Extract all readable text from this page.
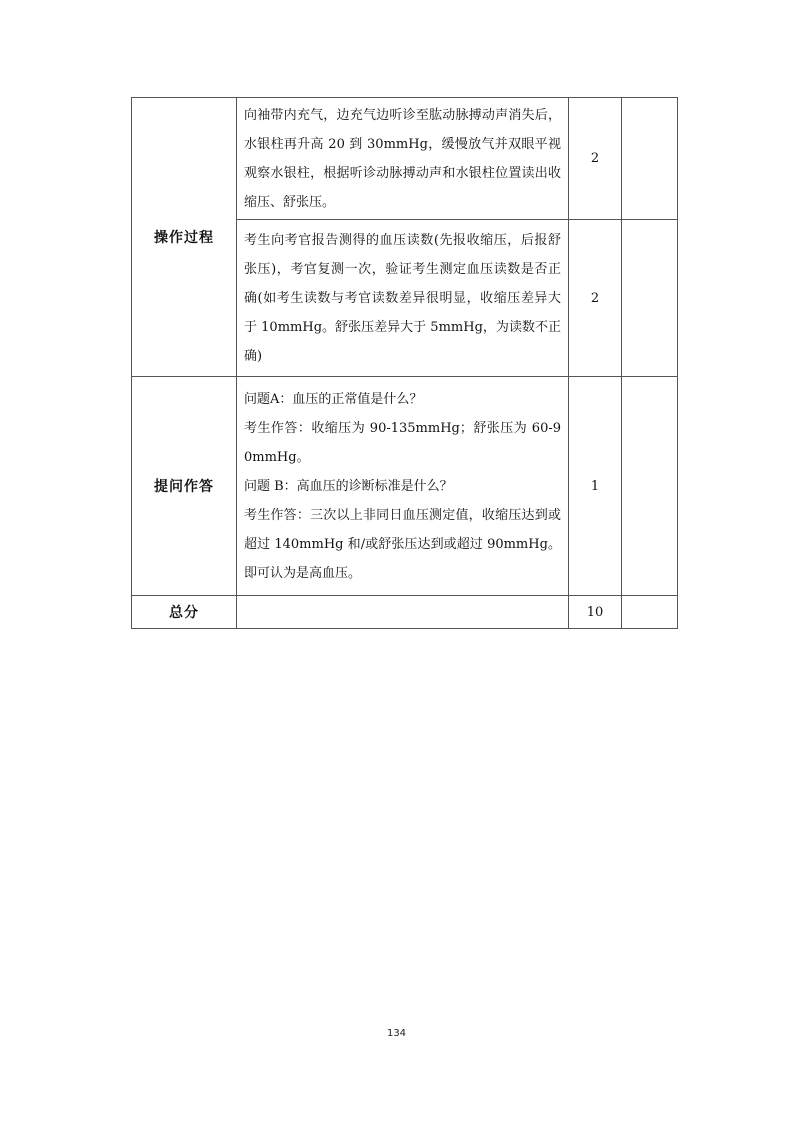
操作过程	向袖带内充气，边充气边听诊至肱动脉搏动声消失后，水银柱再升高 20 到 30mmHg，缓慢放气并双眼平视观察水银柱，根据听诊动脉搏动声和水银柱位置读出收缩压、舒张压。	2	
	考生向考官报告测得的血压读数(先报收缩压，后报舒张压)，考官复测一次，验证考生测定血压读数是否正确(如考生读数与考官读数差异很明显，收缩压差异大于 10mmHg。舒张压差异大于 5mmHg，为读数不正确)	2	
提问作答	问题A：血压的正常值是什么？

考生作答：收缩压为 90-135mmHg；舒张压为 60-90mmHg。

问题 B：高血压的诊断标准是什么？

考生作答：三次以上非同日血压测定值，收缩压达到或超过 140mmHg 和/或舒张压达到或超过 90mmHg。即可认为是高血压。	1	
总分		10	
134
